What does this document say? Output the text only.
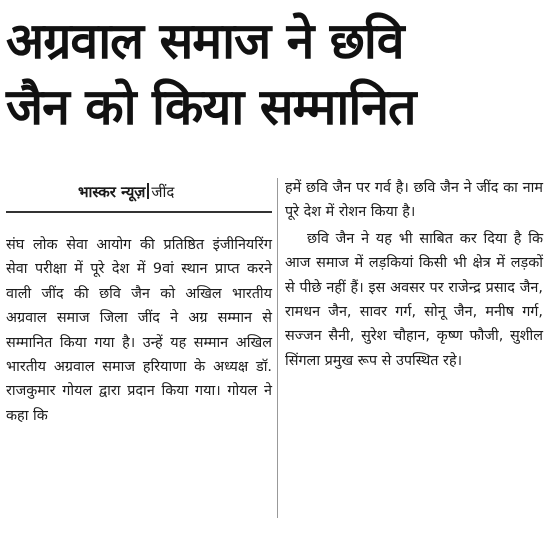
अग्रवाल समाज ने छवि
जैन को किया सम्मानित
भास्कर न्यूज़ जींद

संघ लोक सेवा आयोग की प्रतिष्ठित इंजीनियरिंग सेवा परीक्षा में पूरे देश में 9वां स्थान प्राप्त करने वाली जींद की छवि जैन को अखिल भारतीय अग्रवाल समाज जिला जींद ने अग्र सम्मान से सम्मानित किया गया है। उन्हें यह सम्मान अखिल भारतीय अग्रवाल समाज हरियाणा के अध्यक्ष डॉ. राजकुमार गोयल द्वारा प्रदान किया गया। गोयल ने कहा कि

हमें छवि जैन पर गर्व है। छवि जैन ने जींद का नाम पूरे देश में रोशन किया है।

छवि जैन ने यह भी साबित कर दिया है कि आज समाज में लड़कियां किसी भी क्षेत्र में लड़कों से पीछे नहीं हैं। इस अवसर पर राजेन्द्र प्रसाद जैन, रामधन जैन, सावर गर्ग, सोनू जैन, मनीष गर्ग, सज्जन सैनी, सुरेश चौहान, कृष्ण फौजी, सुशील सिंगला प्रमुख रूप से उपस्थित रहे।
